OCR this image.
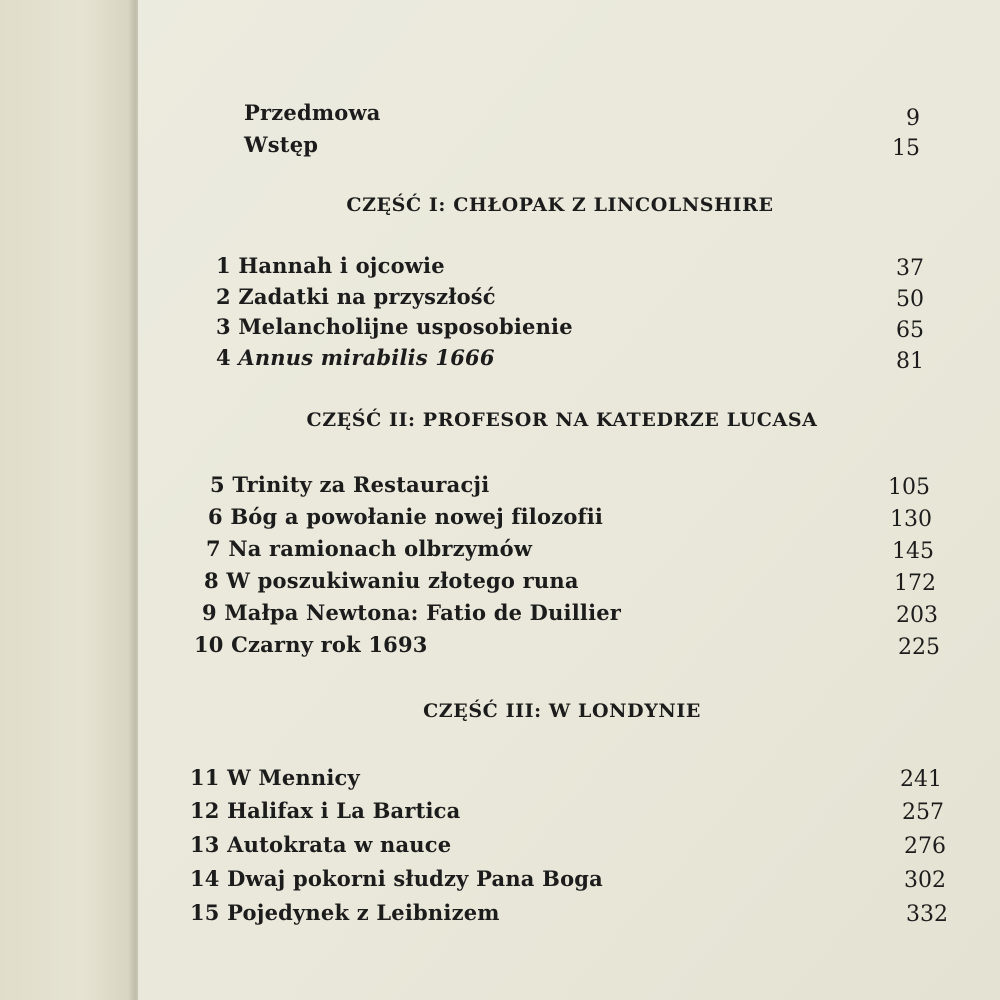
Przedmowa	9
Wstęp	15
CZĘŚĆ I: CHŁOPAK Z LINCOLNSHIRE
1 Hannah i ojcowie	37
2 Zadatki na przyszłość	50
3 Melancholijne usposobienie	65
4 Annus mirabilis 1666	81
CZĘŚĆ II: PROFESOR NA KATEDRZE LUCASA
5 Trinity za Restauracji	105
6 Bóg a powołanie nowej filozofii	130
7 Na ramionach olbrzymów	145
8 W poszukiwaniu złotego runa	172
9 Małpa Newtona: Fatio de Duillier	203
10 Czarny rok 1693	225
CZĘŚĆ III: W LONDYNIE
11 W Mennicy	241
12 Halifax i La Bartica	257
13 Autokrata w nauce	276
14 Dwaj pokorni słudzy Pana Boga	302
15 Pojedynek z Leibnizem	332
